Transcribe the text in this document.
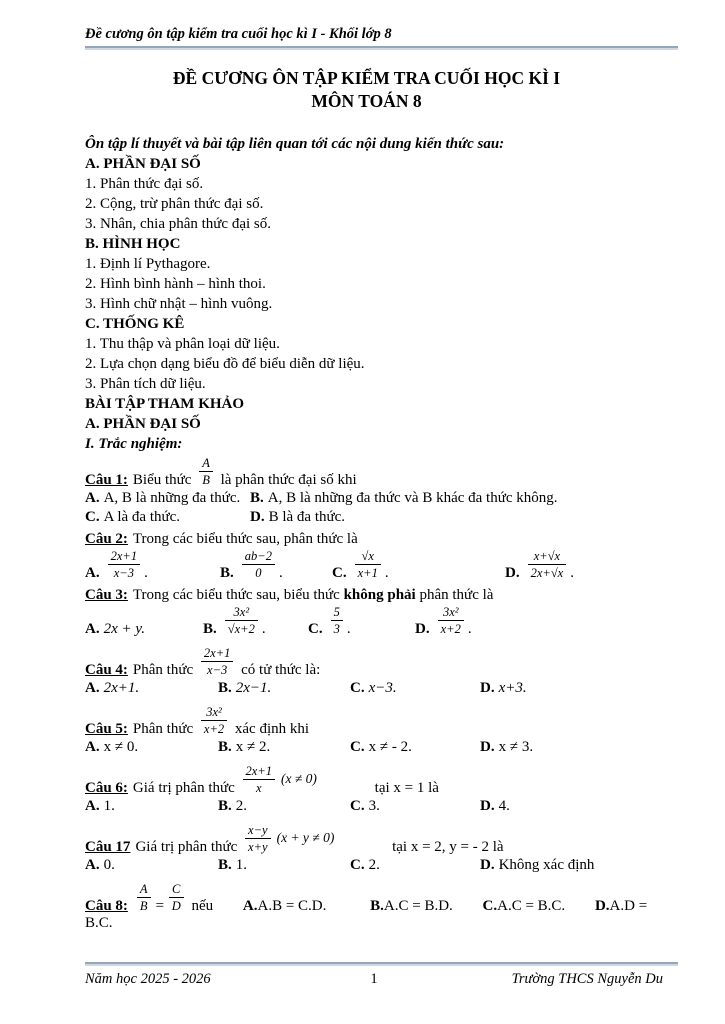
Đề cương ôn tập kiểm tra cuối học kì I - Khối lớp 8
ĐỀ CƯƠNG ÔN TẬP KIỂM TRA CUỐI HỌC KÌ I
MÔN TOÁN 8
Ôn tập lí thuyết và bài tập liên quan tới các nội dung kiến thức sau:
A. PHẦN ĐẠI SỐ
1. Phân thức đại số.
2. Cộng, trừ phân thức đại số.
3. Nhân, chia phân thức đại số.
B. HÌNH HỌC
1. Định lí Pythagore.
2. Hình bình hành – hình thoi.
3. Hình chữ nhật – hình vuông.
C. THỐNG KÊ
1. Thu thập và phân loại dữ liệu.
2. Lựa chọn dạng biểu đồ để biểu diễn dữ liệu.
3. Phân tích dữ liệu.
BÀI TẬP THAM KHẢO
A. PHẦN ĐẠI SỐ
I. Trắc nghiệm:
Câu 1: Biểu thức $\frac{A}{B}$ là phân thức đại số khi
A. A, B là những đa thức. B. A, B là những đa thức và B khác đa thức không.
C. A là đa thức.	D. B là đa thức.
Câu 2: Trong các biểu thức sau, phân thức là
A. $\frac{2x+1}{x-3}$ .	B. $\frac{ab-2}{0}$ .	C. $\frac{√x}{x+1}$ .	D. $\frac{x+√x}{2x+√x}$ .
Câu 3: Trong các biểu thức sau, biểu thức không phải phân thức là
A. 2x + y.	B. $\frac{\text{3x²}}{√x+2}$ .	C. $\frac{5}{3}$ .	D. $\frac{\text{3x²}}{x+2}$ .
Câu 4: Phân thức $\frac{2x+1}{x-3}$ có tử thức là:
A. 2x+1.	B. 2x−1.	C. x−3.	D. x+3.
Câu 5: Phân thức $\frac{\text{3x²}}{x+2}$ xác định khi
A. x ≠ 0.	B. x ≠ 2.	C. x ≠ - 2.	D. x ≠ 3.
Câu 6: Giá trị phân thức $\frac{2x+1}{x} (x \ne 0)$ tại x = 1 là
A. 1.	B. 2.	C. 3.	D. 4.
Câu 17 Giá trị phân thức $\frac{x-y}{x+y} (x + y \ne 0)$ tại x = 2, y = - 2 là
A. 0.	B. 1.	C. 2.	D. Không xác định
Câu 8: $\frac{A}{B} = \frac{C}{D}$ nếu A.A.B = C.D.	B.A.C = B.D. C.A.C = B.C. D.A.D = B.C.
Năm học 2025 - 2026	1	Trường THCS Nguyễn Du
